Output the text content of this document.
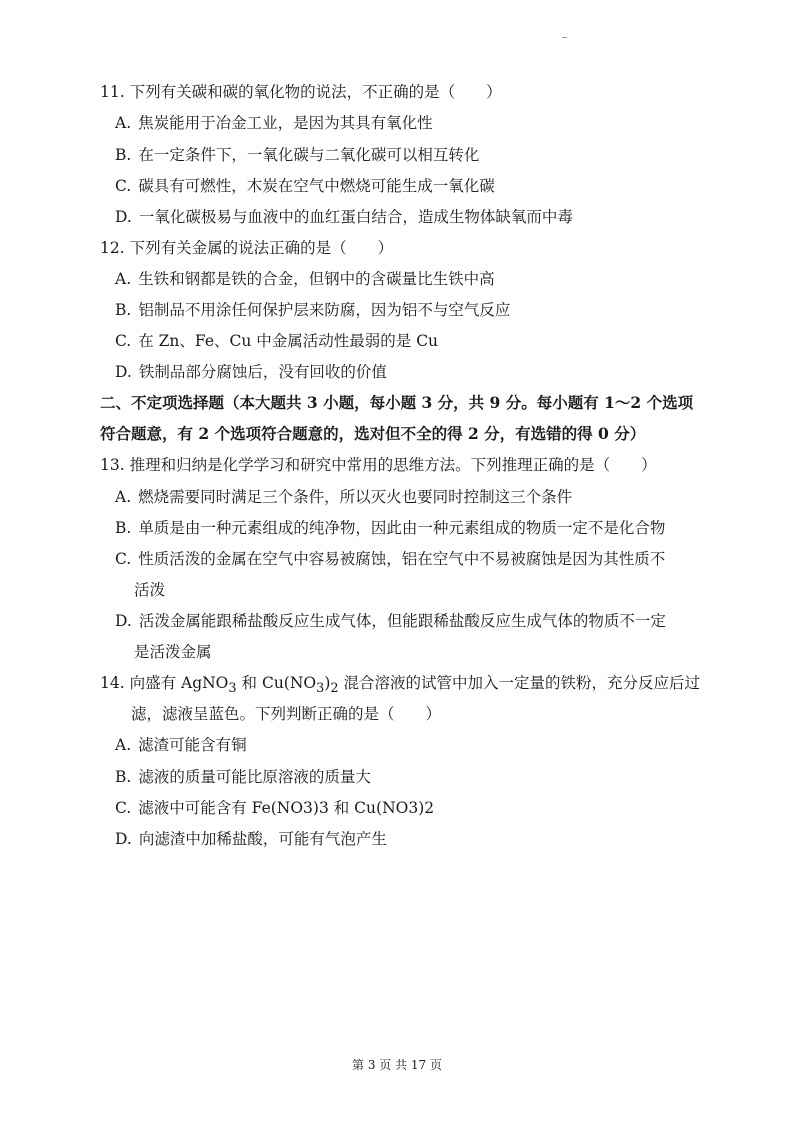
11. 下列有关碳和碳的氧化物的说法，不正确的是（　　）
A. 焦炭能用于冶金工业，是因为其具有氧化性
B. 在一定条件下，一氧化碳与二氧化碳可以相互转化
C. 碳具有可燃性，木炭在空气中燃烧可能生成一氧化碳
D. 一氧化碳极易与血液中的血红蛋白结合，造成生物体缺氧而中毒
12. 下列有关金属的说法正确的是（　　）
A. 生铁和钢都是铁的合金，但钢中的含碳量比生铁中高
B. 铝制品不用涂任何保护层来防腐，因为铝不与空气反应
C. 在 Zn、Fe、Cu 中金属活动性最弱的是 Cu
D. 铁制品部分腐蚀后，没有回收的价值
二、不定项选择题（本大题共 3 小题，每小题 3 分，共 9 分。每小题有 1～2 个选项
符合题意，有 2 个选项符合题意的，选对但不全的得 2 分，有选错的得 0 分）
13. 推理和归纳是化学学习和研究中常用的思维方法。下列推理正确的是（　　）
A. 燃烧需要同时满足三个条件，所以灭火也要同时控制这三个条件
B. 单质是由一种元素组成的纯净物，因此由一种元素组成的物质一定不是化合物
C. 性质活泼的金属在空气中容易被腐蚀，铝在空气中不易被腐蚀是因为其性质不
活泼
D. 活泼金属能跟稀盐酸反应生成气体，但能跟稀盐酸反应生成气体的物质不一定
是活泼金属
14. 向盛有 AgNO$_3$ 和 $Cu(NO_3)_2$ 混合溶液的试管中加入一定量的铁粉，充分反应后过
滤，滤液呈蓝色。下列判断正确的是（　　）
A. 滤渣可能含有铜
B. 滤液的质量可能比原溶液的质量大
C. 滤液中可能含有 Fe(NO3)3 和 Cu(NO3)2
D. 向滤渣中加稀盐酸，可能有气泡产生
第 3 页 共 17 页
